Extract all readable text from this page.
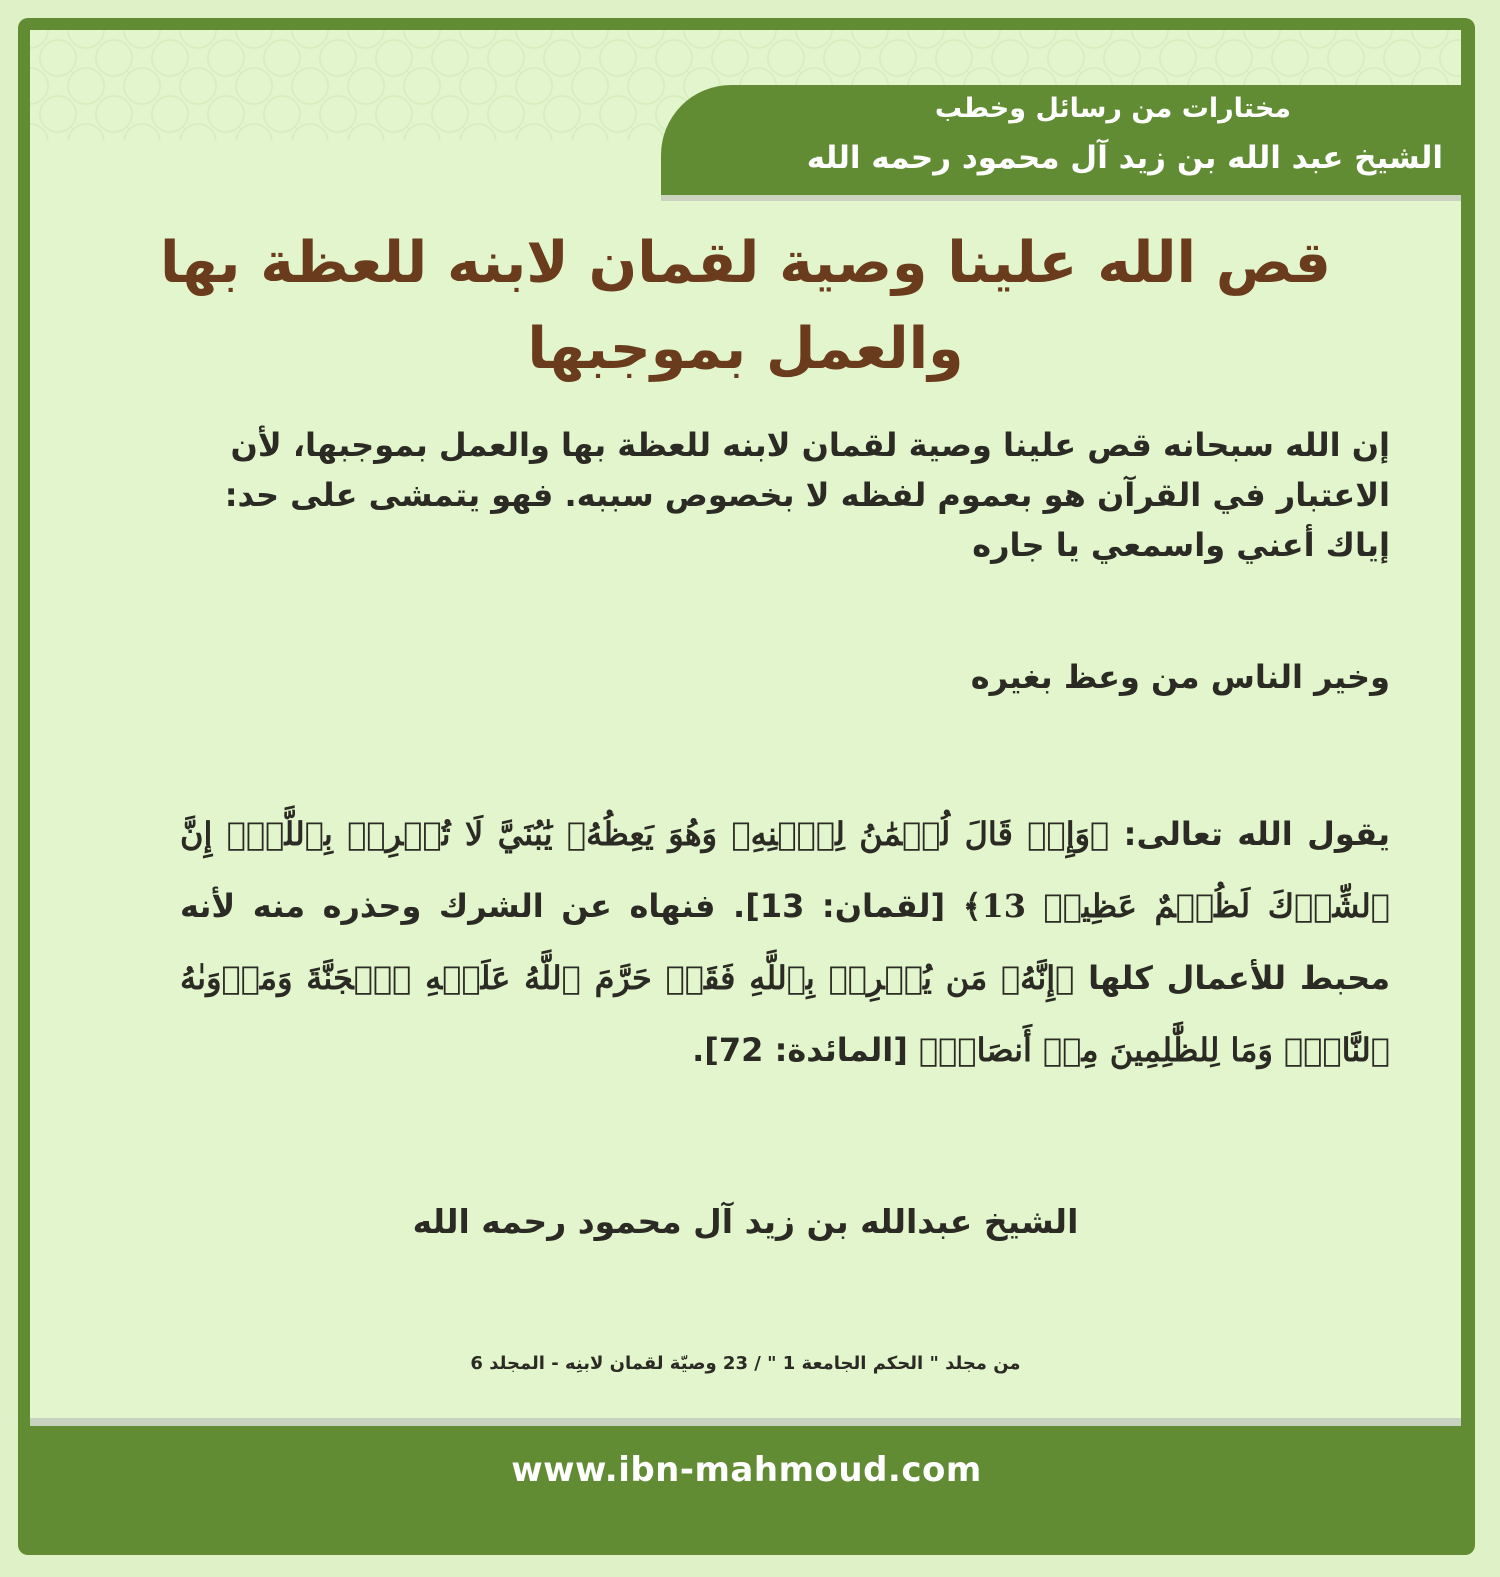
مختارات من رسائل وخطب
الشيخ عبد الله بن زيد آل محمود رحمه الله
قص الله علينا وصية لقمان لابنه للعظة بها والعمل بموجبها

إن الله سبحانه قص علينا وصية لقمان لابنه للعظة بها والعمل بموجبها، لأن الاعتبار في القرآن هو بعموم لفظه لا بخصوص سببه. فهو يتمشى على حد: إياك أعني واسمعي يا جاره

وخير الناس من وعظ بغيره

يقول الله تعالى: ﴿وَإِذۡ قَالَ لُقۡمَٰنُ لِٱبۡنِهِۦ وَهُوَ يَعِظُهُۥ يَٰبُنَيَّ لَا تُشۡرِكۡ بِٱللَّهِۖ إِنَّ ٱلشِّرۡكَ لَظُلۡمٌ عَظِيمٞ 13﴾ [لقمان: 13]. فنهاه عن الشرك وحذره منه لأنه محبط للأعمال كلها ﴿إِنَّهُۥ مَن يُشۡرِكۡ بِٱللَّهِ فَقَدۡ حَرَّمَ ٱللَّهُ عَلَيۡهِ ٱلۡجَنَّةَ وَمَأۡوَىٰهُ ٱلنَّارُۖ وَمَا لِلظَّٰلِمِينَ مِنۡ أَنصَارٖ﴾ [المائدة: 72].

الشيخ عبدالله بن زيد آل محمود رحمه الله
من مجلد " الحكم الجامعة 1 " / 23 وصيّة لقمان لابنِه - المجلد 6
www.ibn-mahmoud.com
